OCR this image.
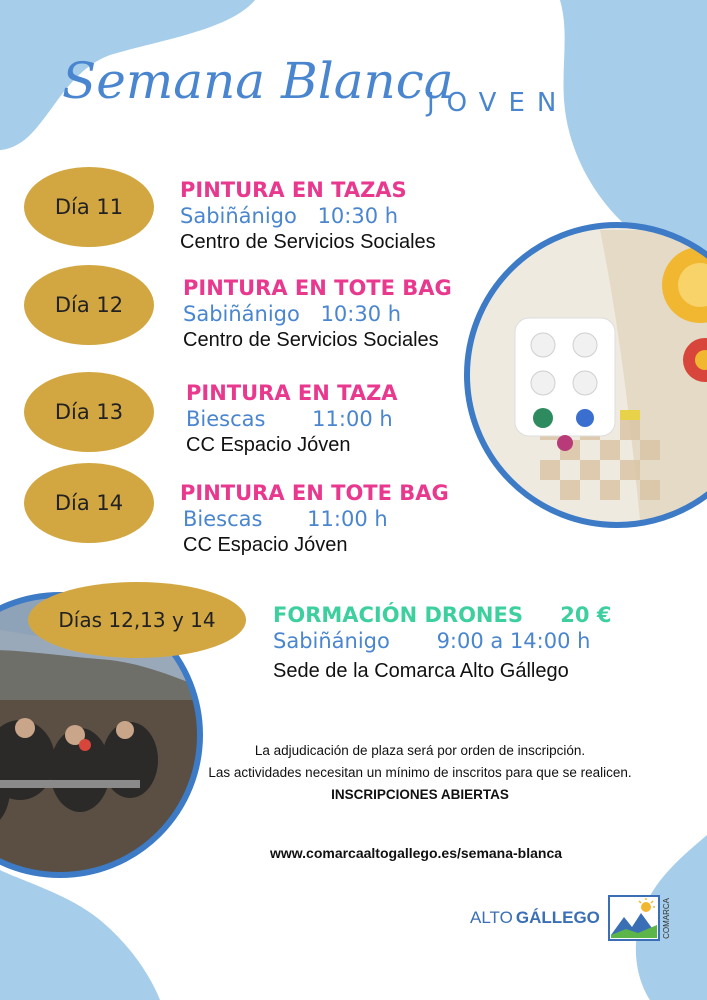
Semana Blanca
JOVEN
Día 11
PINTURA EN TAZAS
Sabiñánigo 10:30 h
Centro de Servicios Sociales
Día 12
PINTURA EN TOTE BAG
Sabiñánigo 10:30 h
Centro de Servicios Sociales
Día 13
PINTURA EN TAZA
Biescas 11:00 h
CC Espacio Jóven
Día 14	PINTURA EN TOTE BAG
Biescas 11:00 h
CC Espacio Jóven
Días 12,13 y 14	FORMACIÓN DRONES 20 €
Sabiñánigo 9:00 a 14:00 h
Sede de la Comarca Alto Gállego
La adjudicación de plaza será por orden de inscripción.
Las actividades necesitan un mínimo de inscritos para que se realicen.
INSCRIPCIONES ABIERTAS
www.comarcaaltogallego.es/semana-blanca
ALTO GÁLLEGO	COMARCA
